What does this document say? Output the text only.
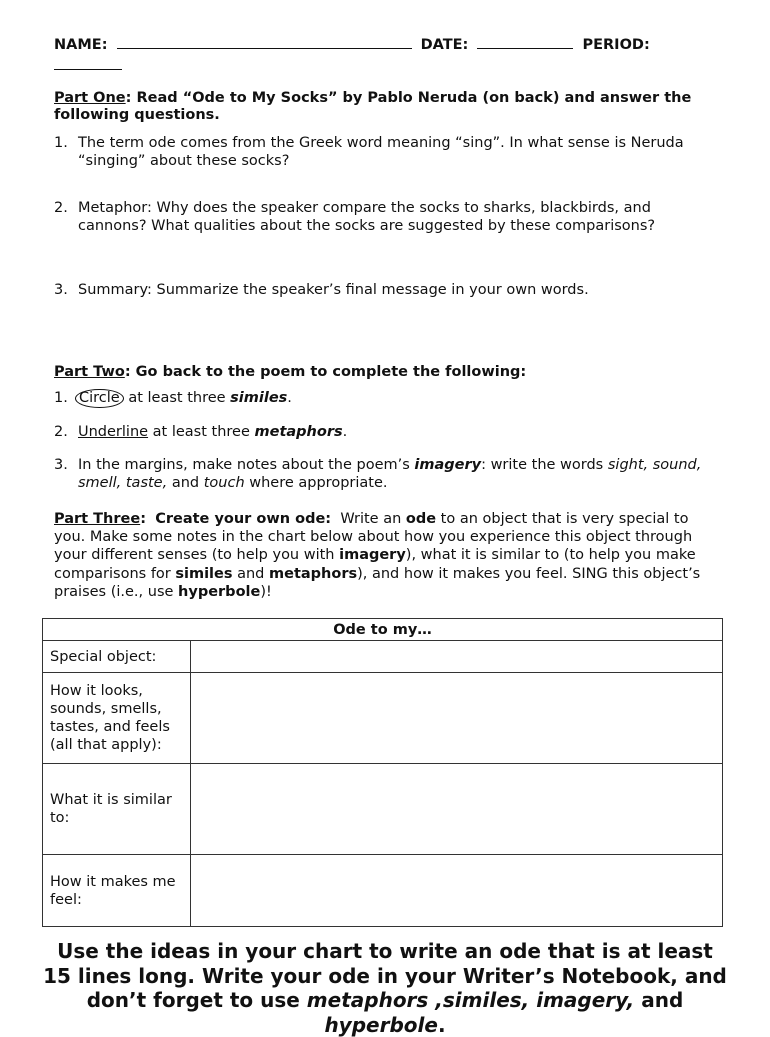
NAME:	DATE:	PERIOD:

Part One: Read “Ode to My Socks” by Pablo Neruda (on back) and answer the following questions.
1. The term ode comes from the Greek word meaning “sing”. In what sense is Neruda “singing” about these socks?
2. Metaphor: Why does the speaker compare the socks to sharks, blackbirds, and cannons? What qualities about the socks are suggested by these comparisons?
3. Summary: Summarize the speaker’s final message in your own words.
Part Two: Go back to the poem to complete the following:
1. Circle at least three similes.
2. Underline at least three metaphors.
3. In the margins, make notes about the poem’s imagery: write the words sight, sound, smell, taste, and touch where appropriate.
Part Three: Create your own ode: Write an ode to an object that is very special to you. Make some notes in the chart below about how you experience this object through your different senses (to help you with imagery), what it is similar to (to help you make comparisons for similes and metaphors), and how it makes you feel. SING this object’s praises (i.e., use hyperbole)!
Ode to my…	
Special object:	
How it looks, sounds, smells, tastes, and feels (all that apply):	
What it is similar to:	
How it makes me feel:	
Use the ideas in your chart to write an ode that is at least 15 lines long. Write your ode in your Writer’s Notebook, and don’t forget to use metaphors ,similes, imagery, and hyperbole.
